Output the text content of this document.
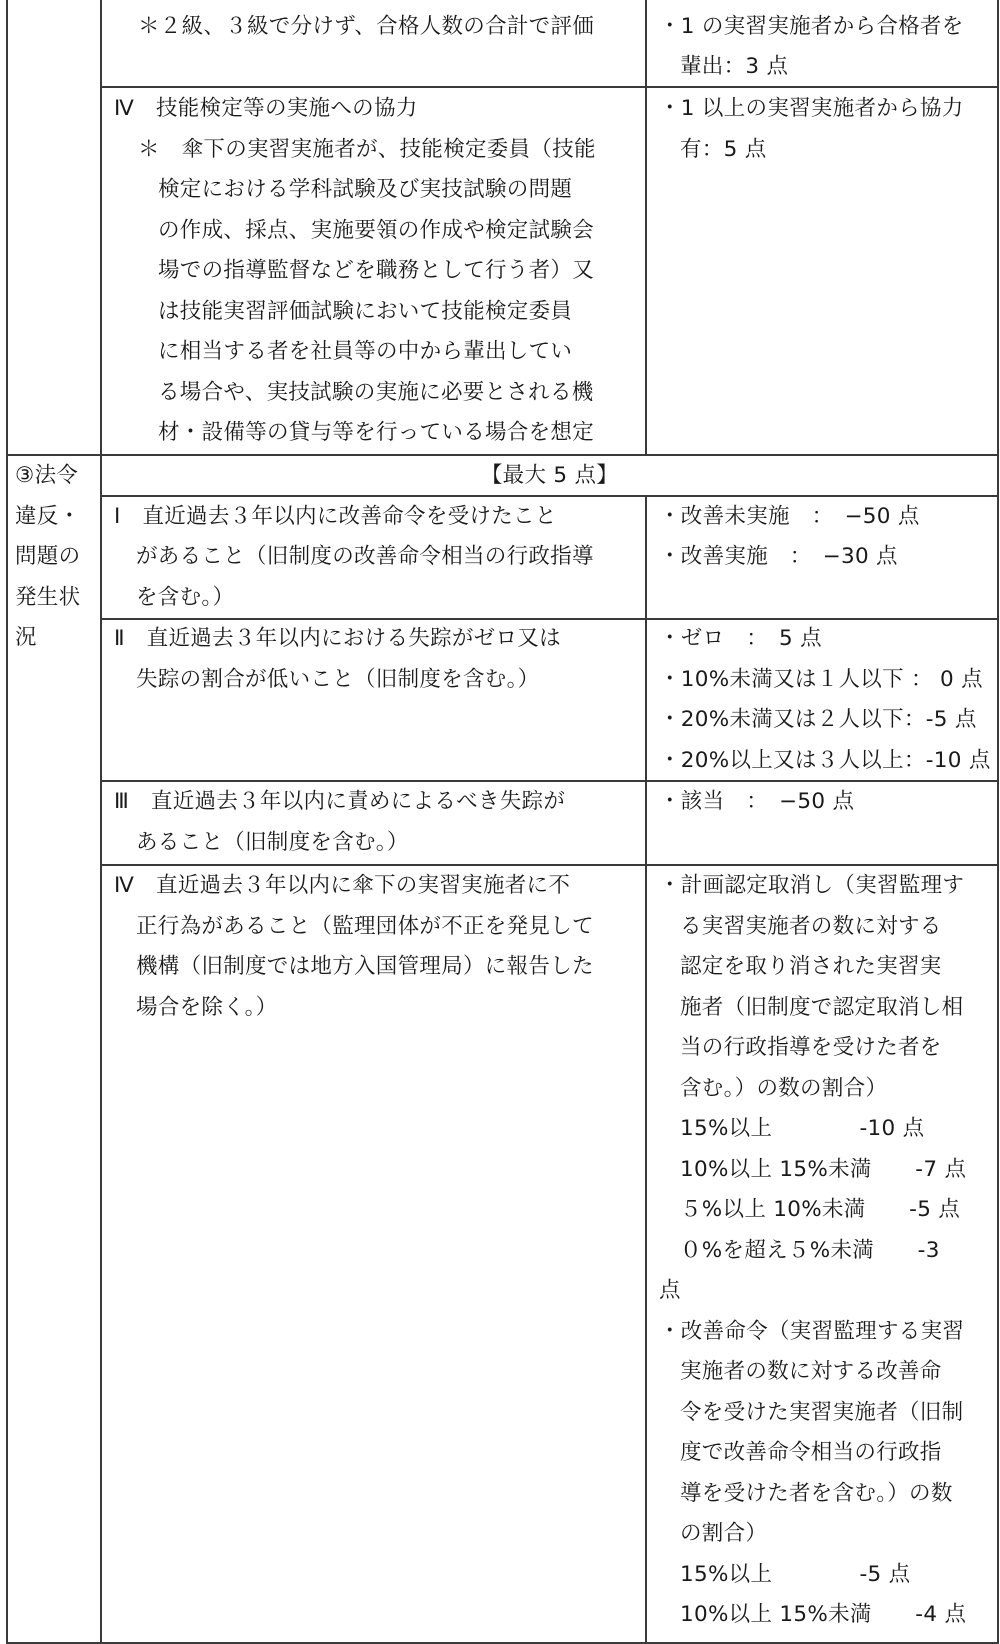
＊２級、３級で分けず、合格人数の合計で評価	・1 の実習実施者から合格者を
輩出：3 点
Ⅳ　技能検定等の実施への協力
＊　傘下の実習実施者が、技能検定委員（技能
検定における学科試験及び実技試験の問題
の作成、採点、実施要領の作成や検定試験会
場での指導監督などを職務として行う者）又
は技能実習評価試験において技能検定委員
に相当する者を社員等の中から輩出してい
る場合や、実技試験の実施に必要とされる機
材・設備等の貸与等を行っている場合を想定
・1 以上の実習実施者から協力
有：5 点
③法令
違反・
問題の
発生状
況
【最大 5 点】
Ⅰ　直近過去３年以内に改善命令を受けたこと
があること（旧制度の改善命令相当の行政指導
を含む。）
・改善未実施　：　−50 点
・改善実施　：　−30 点
Ⅱ　直近過去３年以内における失踪がゼロ又は
失踪の割合が低いこと（旧制度を含む。）
・ゼロ　：　5 点
・10%未満又は１人以下 ： 0 点
・20%未満又は２人以下：-5 点
・20%以上又は３人以上：-10 点
Ⅲ　直近過去３年以内に責めによるべき失踪が
あること（旧制度を含む。）
・該当　：　−50 点
Ⅳ　直近過去３年以内に傘下の実習実施者に不
正行為があること（監理団体が不正を発見して
機構（旧制度では地方入国管理局）に報告した
場合を除く。）
・計画認定取消し（実習監理す
る実習実施者の数に対する
認定を取り消された実習実
施者（旧制度で認定取消し相
当の行政指導を受けた者を
含む。）の数の割合）
15%以上　　　　-10 点
10%以上 15%未満　　-7 点
５%以上 10%未満　　-5 点
０%を超え５%未満　　-3
点
・改善命令（実習監理する実習
実施者の数に対する改善命
令を受けた実習実施者（旧制
度で改善命令相当の行政指
導を受けた者を含む。）の数
の割合）
15%以上　　　　-5 点
10%以上 15%未満　　-4 点
